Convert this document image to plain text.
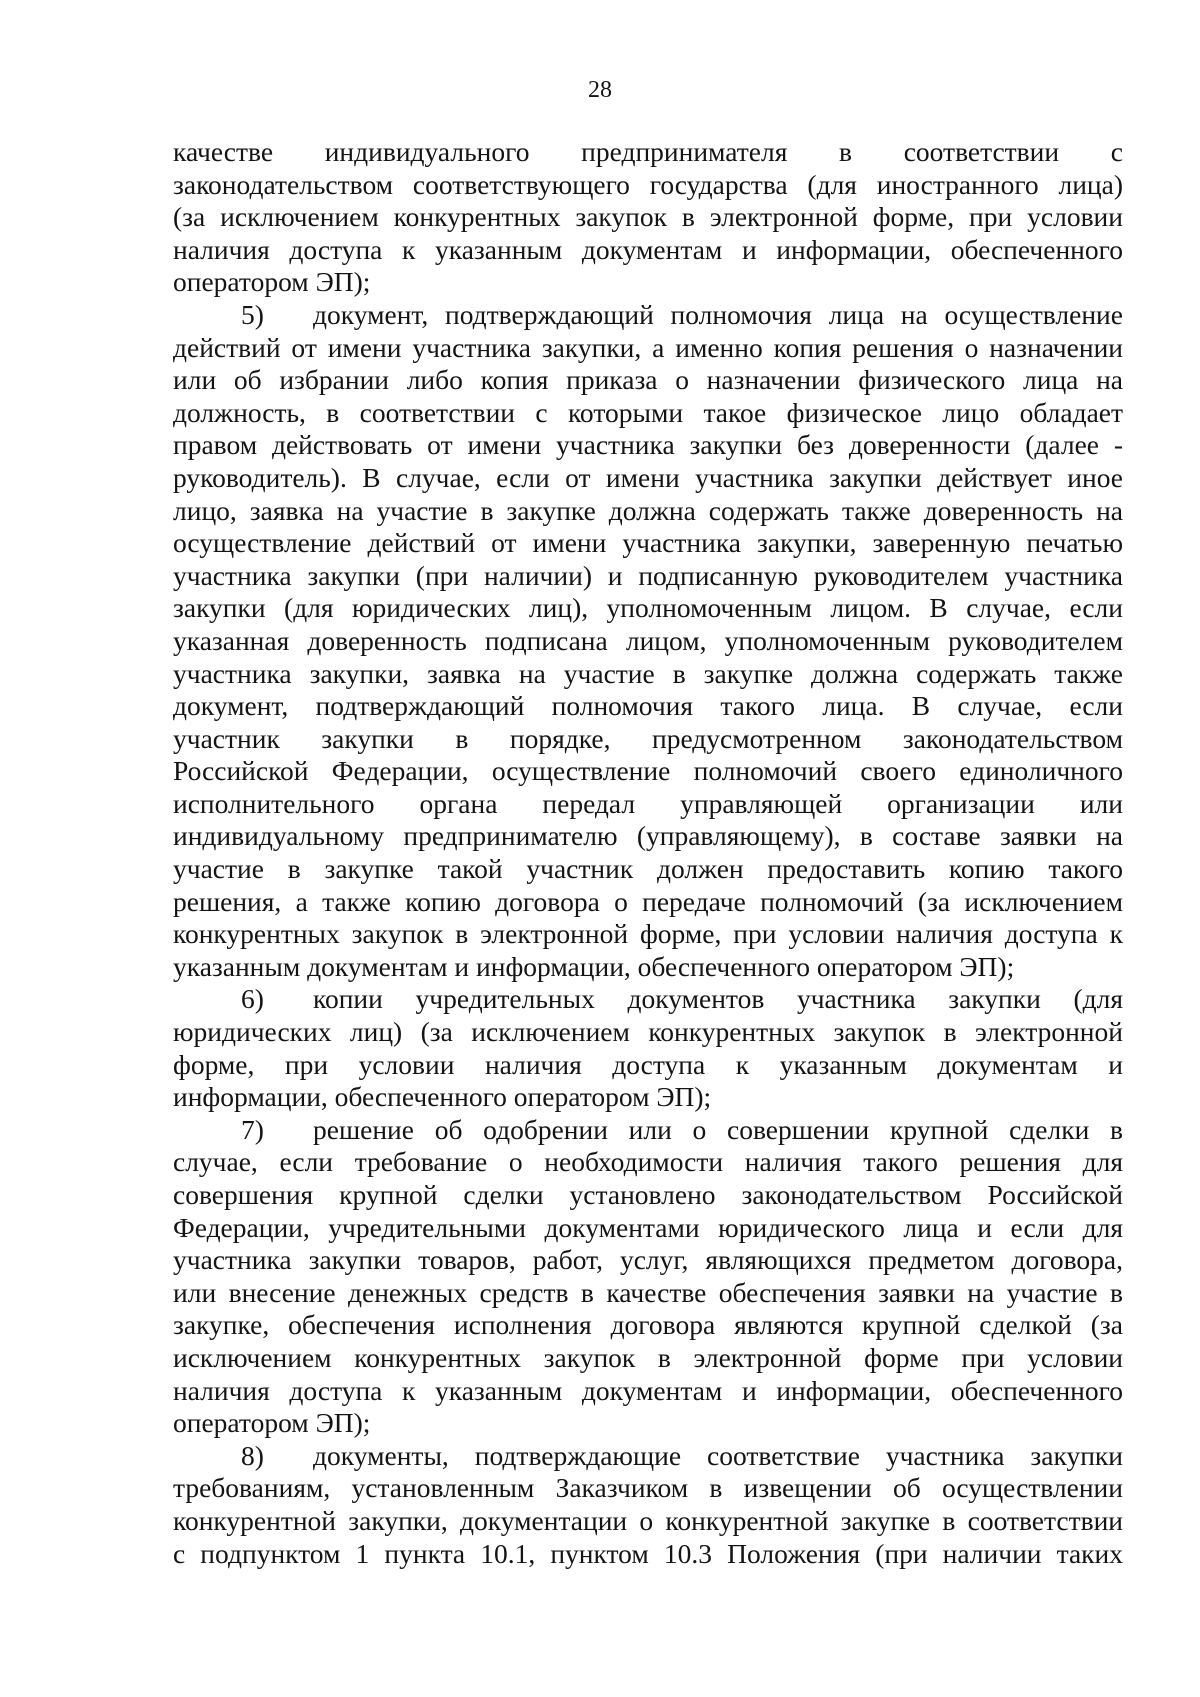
28
качестве индивидуального предпринимателя в соответствии с
законодательством соответствующего государства (для иностранного лица)
(за исключением конкурентных закупок в электронной форме, при условии
наличия доступа к указанным документам и информации, обеспеченного
оператором ЭП);
5) документ, подтверждающий полномочия лица на осуществление
действий от имени участника закупки, а именно копия решения о назначении
или об избрании либо копия приказа о назначении физического лица на
должность, в соответствии с которыми такое физическое лицо обладает
правом действовать от имени участника закупки без доверенности (далее -
руководитель). В случае, если от имени участника закупки действует иное
лицо, заявка на участие в закупке должна содержать также доверенность на
осуществление действий от имени участника закупки, заверенную печатью
участника закупки (при наличии) и подписанную руководителем участника
закупки (для юридических лиц), уполномоченным лицом. В случае, если
указанная доверенность подписана лицом, уполномоченным руководителем
участника закупки, заявка на участие в закупке должна содержать также
документ, подтверждающий полномочия такого лица. В случае, если
участник закупки в порядке, предусмотренном законодательством
Российской Федерации, осуществление полномочий своего единоличного
исполнительного органа передал управляющей организации или
индивидуальному предпринимателю (управляющему), в составе заявки на
участие в закупке такой участник должен предоставить копию такого
решения, а также копию договора о передаче полномочий (за исключением
конкурентных закупок в электронной форме, при условии наличия доступа к
указанным документам и информации, обеспеченного оператором ЭП);
6) копии учредительных документов участника закупки (для
юридических лиц) (за исключением конкурентных закупок в электронной
форме, при условии наличия доступа к указанным документам и
информации, обеспеченного оператором ЭП);
7) решение об одобрении или о совершении крупной сделки в
случае, если требование о необходимости наличия такого решения для
совершения крупной сделки установлено законодательством Российской
Федерации, учредительными документами юридического лица и если для
участника закупки товаров, работ, услуг, являющихся предметом договора,
или внесение денежных средств в качестве обеспечения заявки на участие в
закупке, обеспечения исполнения договора являются крупной сделкой (за
исключением конкурентных закупок в электронной форме при условии
наличия доступа к указанным документам и информации, обеспеченного
оператором ЭП);
8) документы, подтверждающие соответствие участника закупки
требованиям, установленным Заказчиком в извещении об осуществлении
конкурентной закупки, документации о конкурентной закупке в соответствии
с подпунктом 1 пункта 10.1, пунктом 10.3 Положения (при наличии таких
